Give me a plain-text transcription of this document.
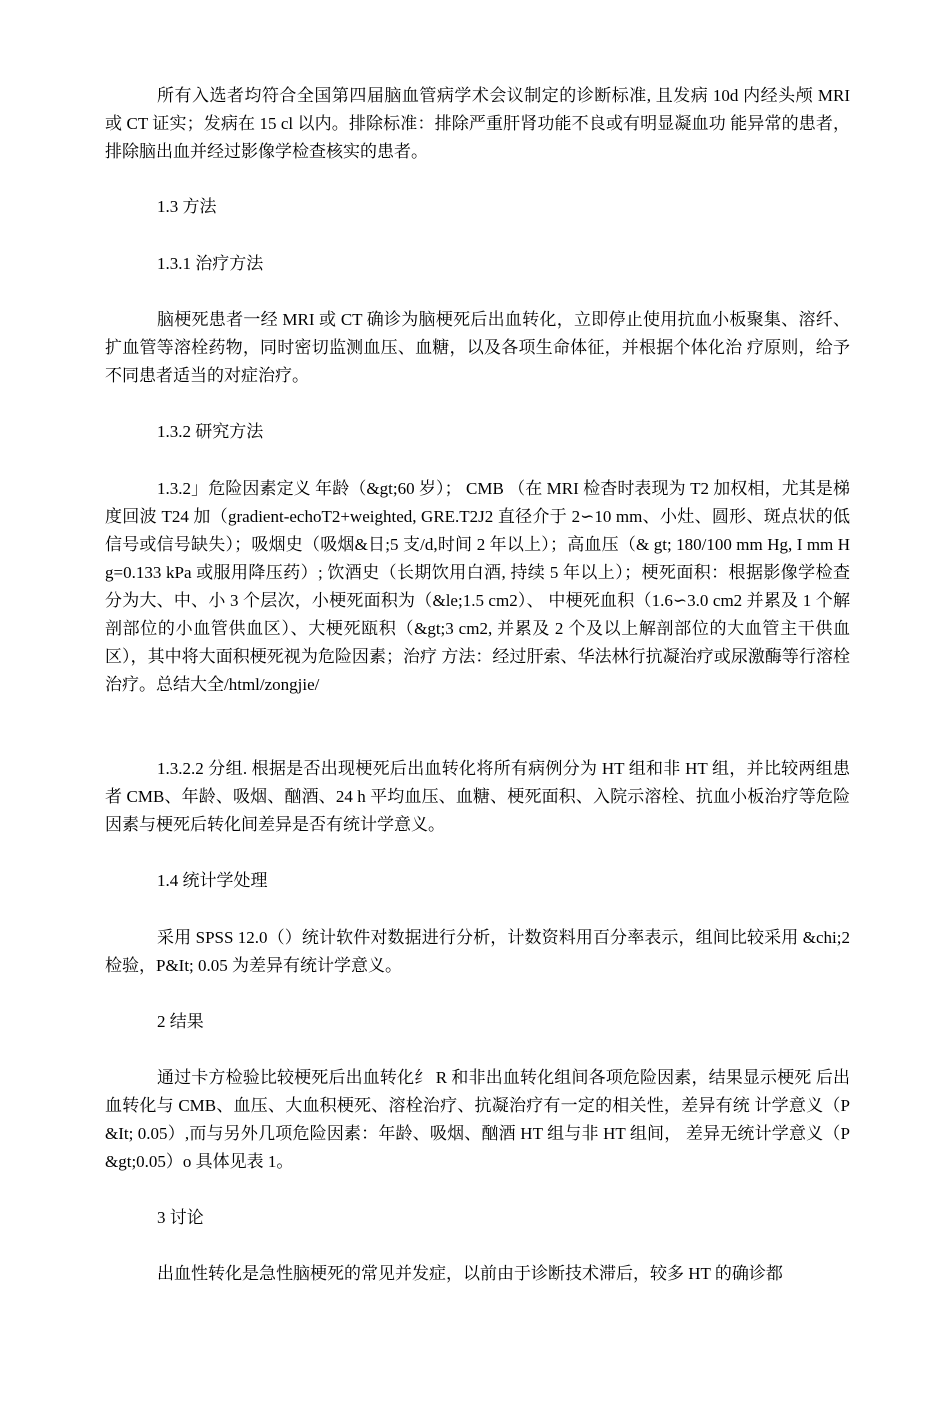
所有入选者均符合全国第四届脑血管病学术会议制定的诊断标准, 且发病 10d 内经头颅 MRI 或 CT 证实；发病在 15 cl 以内。排除标准：排除严重肝肾功能不良或有明显凝血功 能异常的患者，排除脑出血并经过影像学检查核实的患者。

1.3 方法

1.3.1 治疗方法

脑梗死患者一经 MRI 或 CT 确诊为脑梗死后出血转化，立即停止使用抗血小板聚集、溶纤、扩血管等溶栓药物，同时密切监测血压、血糖，以及各项生命体征，并根据个体化治 疗原则，给予不同患者适当的对症治疗。

1.3.2 研究方法

1.3.2」危险因素定义 年龄（&gt;60 岁）； CMB （在 MRI 检杳时表现为 T2 加权相，尤其是梯度回波 T24 加（gradient-echoT2+weighted, GRE.T2J2 直径介于 2∽10 mm、小灶、圆形、斑点状的低信号或信号缺失）；吸烟史（吸烟&日;5 支/d,时间 2 年以上）；高血压（& gt; 180/100 mm Hg, I mm Hg=0.133 kPa 或服用降压药）; 饮酒史（长期饮用白酒, 持续 5 年以上）；梗死面积：根据影像学检查分为大、中、小 3 个层次，小梗死面积为（&le;1.5 cm2）、 中梗死血积（1.6∽3.0 cm2 并累及 1 个解剖部位的小血管供血区）、大梗死瓯积（&gt;3 cm2, 并累及 2 个及以上解剖部位的大血管主干供血区），其中将大面积梗死视为危险因素；治疗 方法：经过肝索、华法林行抗凝治疗或尿激酶等行溶栓治疗。总结大全/html/zongjie/

1.3.2.2 分组. 根据是否出现梗死后出血转化将所有病例分为 HT 组和非 HT 组，并比较两组患者 CMB、年龄、吸烟、酗酒、24 h 平均血压、血糖、梗死面积、入院示溶栓、抗血小板治疗等危险因素与梗死后转化间差异是否有统计学意义。

1.4 统计学处理

采用 SPSS 12.0（）统计软件对数据进行分析，计数资料用百分率表示，组间比较采用 &chi;2 检验，P&It; 0.05 为差异有统计学意义。

2 结果

通过卡方检验比较梗死后出血转化纟 R 和非出血转化组间各项危险因素，结果显示梗死 后出血转化与 CMB、血压、大血积梗死、溶栓治疗、抗凝治疗有一定的相关性，差异有统 计学意义（P&It; 0.05）,而与另外几项危险因素：年龄、吸烟、酗酒 HT 组与非 HT 组间， 差异无统计学意义（P&gt;0.05）o 具体见表 1。

3 讨论

出血性转化是急性脑梗死的常见并发症，以前由于诊断技术滞后，较多 HT 的确诊都
